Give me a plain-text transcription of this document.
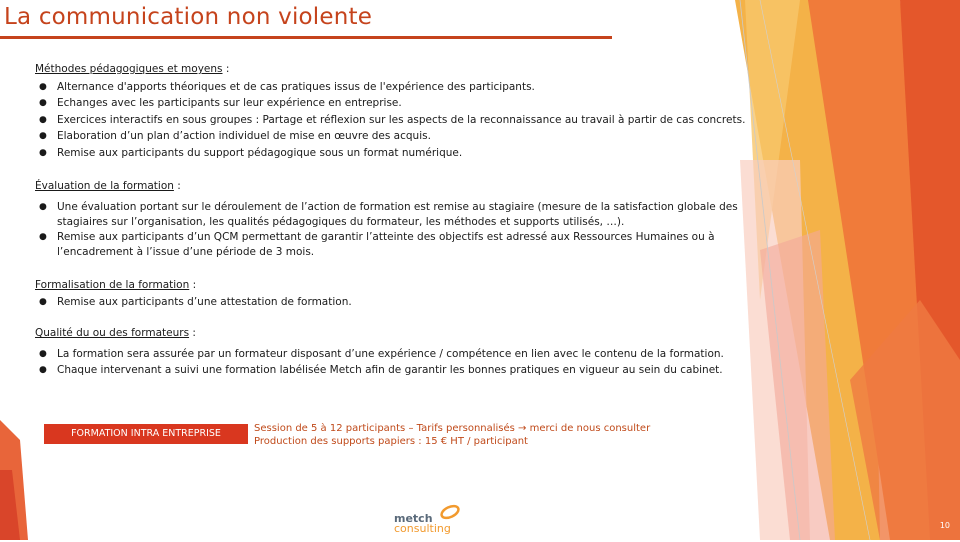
La communication non violente
Méthodes pédagogiques et moyens :
● Alternance d'apports théoriques et de cas pratiques issus de l'expérience des participants.
● Echanges avec les participants sur leur expérience en entreprise.
● Exercices interactifs en sous groupes : Partage et réflexion sur les aspects de la reconnaissance au travail à partir de cas concrets.
● Elaboration d’un plan d’action individuel de mise en œuvre des acquis.
● Remise aux participants du support pédagogique sous un format numérique.
Évaluation de la formation :
● Une évaluation portant sur le déroulement de l’action de formation est remise au stagiaire (mesure de la satisfaction globale des stagiaires sur l’organisation, les qualités pédagogiques du formateur, les méthodes et supports utilisés, …).
● Remise aux participants d’un QCM permettant de garantir l’atteinte des objectifs est adressé aux Ressources Humaines ou à l’encadrement à l’issue d’une période de 3 mois.
Formalisation de la formation :
● Remise aux participants d’une attestation de formation.
Qualité du ou des formateurs :
● La formation sera assurée par un formateur disposant d’une expérience / compétence en lien avec le contenu de la formation.
● Chaque intervenant a suivi une formation labélisée Metch afin de garantir les bonnes pratiques en vigueur au sein du cabinet.
FORMATION INTRA ENTREPRISE	Session de 5 à 12 participants – Tarifs personnalisés → merci de nous consulter
Production des supports papiers : 15 € HT / participant
metch
consulting	10
